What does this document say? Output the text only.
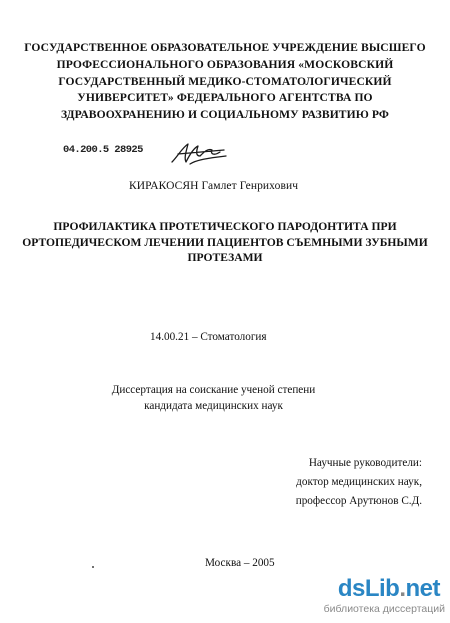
ГОСУДАРСТВЕННОЕ ОБРАЗОВАТЕЛЬНОЕ УЧРЕЖДЕНИЕ ВЫСШЕГО
ПРОФЕССИОНАЛЬНОГО ОБРАЗОВАНИЯ «МОСКОВСКИЙ
ГОСУДАРСТВЕННЫЙ МЕДИКО-СТОМАТОЛОГИЧЕСКИЙ
УНИВЕРСИТЕТ» ФЕДЕРАЛЬНОГО АГЕНТСТВА ПО
ЗДРАВООХРАНЕНИЮ И СОЦИАЛЬНОМУ РАЗВИТИЮ РФ
04.200.5 28925
КИРАКОСЯН Гамлет Генрихович
ПРОФИЛАКТИКА ПРОТЕТИЧЕСКОГО ПАРОДОНТИТА ПРИ
ОРТОПЕДИЧЕСКОМ ЛЕЧЕНИИ ПАЦИЕНТОВ СЪЕМНЫМИ ЗУБНЫМИ
ПРОТЕЗАМИ
14.00.21 – Стоматология
Диссертация на соискание ученой степени
кандидата медицинских наук
Научные руководители:
доктор медицинских наук,
профессор Арутюнов С.Д.
Москва – 2005
dsLib.net
библиотека диссертаций
